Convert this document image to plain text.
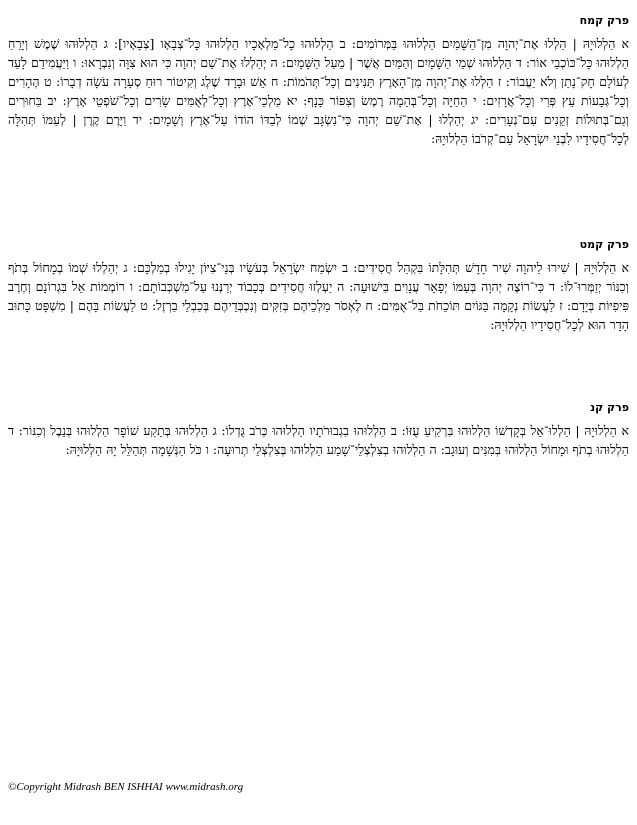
פרק קמח

א הַלְלוּיָהּ | הַלְלוּ אֶת־יְהוָה מִן־הַשָּׁמַיִם הַלְלוּהוּ בַּמְּרוֹמִים: ב הַלְלוּהוּ כָל־מַלְאָכָיו הַלְלוּהוּ כָּל־צְבָאָו [צְבָאָיו]: ג הַלְלוּהוּ שֶׁמֶשׁ וְיָרֵחַ הַלְלוּהוּ כָּל־כּוֹכְבֵי אוֹר: ד הַלְלוּהוּ שְׁמֵי הַשָּׁמָיִם וְהַמַּיִם אֲשֶׁר | מֵעַל הַשָּׁמָיִם: ה יְהַלְלוּ אֶת־שֵׁם יְהוָה כִּי הוּא צִוָּה וְנִבְרָאוּ: ו וַיַּעֲמִידֵם לָעַד לְעוֹלָם חָק־נָתַן וְלֹא יַעֲבוֹר: ז הַלְלוּ אֶת־יְהוָה מִן־הָאָרֶץ תַּנִּינִים וְכָל־תְּהֹמוֹת: ח אֵשׁ וּבָרָד שֶׁלֶג וְקִיטוֹר רוּחַ סְעָרָה עֹשָׂה דְבָרוֹ: ט הֶהָרִים וְכָל־גְּבָעוֹת עֵץ פְּרִי וְכָל־אֲרָזִים: י הַחַיָּה וְכָל־בְּהֵמָה רֶמֶשׂ וְצִפּוֹר כָּנָף: יא מַלְכֵי־אֶרֶץ וְכָל־לְאֻמִּים שָׂרִים וְכָל־שֹׁפְטֵי אָרֶץ: יב בַּחוּרִים וְגַם־בְּתוּלוֹת זְקֵנִים עִם־נְעָרִים: יג יְהַלְלוּ | אֶת־שֵׁם יְהוָה כִּי־נִשְׂגָּב שְׁמוֹ לְבַדּוֹ הוֹדוֹ עַל־אֶרֶץ וְשָׁמָיִם: יד וַיָּרֶם קֶרֶן | לְעַמּוֹ תְּהִלָּה לְכָל־חֲסִידָיו לִבְנֵי יִשְׂרָאֵל עַם־קְרֹבוֹ הַלְלוּיָהּ:

פרק קמט

א הַלְלוּיָהּ | שִׁירוּ לַיהוָה שִׁיר חָדָשׁ תְּהִלָּתוֹ בִּקְהַל חֲסִידִים: ב יִשְׂמַח יִשְׂרָאֵל בְּעֹשָׂיו בְּנֵי־צִיּוֹן יָגִילוּ בְמַלְכָּם: ג יְהַלְלוּ שְׁמוֹ בְמָחוֹל בְּתֹף וְכִנּוֹר יְזַמְּרוּ־לוֹ: ד כִּי־רוֹצֶה יְהוָה בְּעַמּוֹ יְפָאֵר עֲנָוִים בִּישׁוּעָה: ה יַעְלְזוּ חֲסִידִים בְּכָבוֹד יְרַנְּנוּ עַל־מִשְׁכְּבוֹתָם: ו רוֹמְמוֹת אֵל בִּגְרוֹנָם וְחֶרֶב פִּיפִיּוֹת בְּיָדָם: ז לַעֲשׂוֹת נְקָמָה בַּגּוֹיִם תּוֹכֵחֹת בַּל־אֻמִּים: ח לֶאְסֹר מַלְכֵיהֶם בְּזִקִּים וְנִכְבְּדֵיהֶם בְּכַבְלֵי בַרְזֶל: ט לַעֲשׂוֹת בָּהֶם | מִשְׁפָּט כָּתוּב הָדָר הוּא לְכָל־חֲסִידָיו הַלְלוּיָהּ:

פרק קנ

א הַלְלוּיָהּ | הַלְלוּ־אֵל בְּקָדְשׁוֹ הַלְלוּהוּ בִּרְקִיעַ עֻזּוֹ: ב הַלְלוּהוּ בִגְבוּרֹתָיו הַלְלוּהוּ כְּרֹב גֻּדְלוֹ: ג הַלְלוּהוּ בְּתֵקַע שׁוֹפָר הַלְלוּהוּ בְּנֵבֶל וְכִנּוֹר: ד הַלְלוּהוּ בְתֹף וּמָחוֹל הַלְלוּהוּ בְּמִנִּים וְעוּגָב: ה הַלְלוּהוּ בְצִלְצְלֵי־שָׁמַע הַלְלוּהוּ בְּצִלְצְלֵי תְרוּעָה: ו כֹּל הַנְּשָׁמָה תְּהַלֵּל יָהּ הַלְלוּיָהּ:

©Copyright Midrash BEN ISHHAI www.midrash.org
